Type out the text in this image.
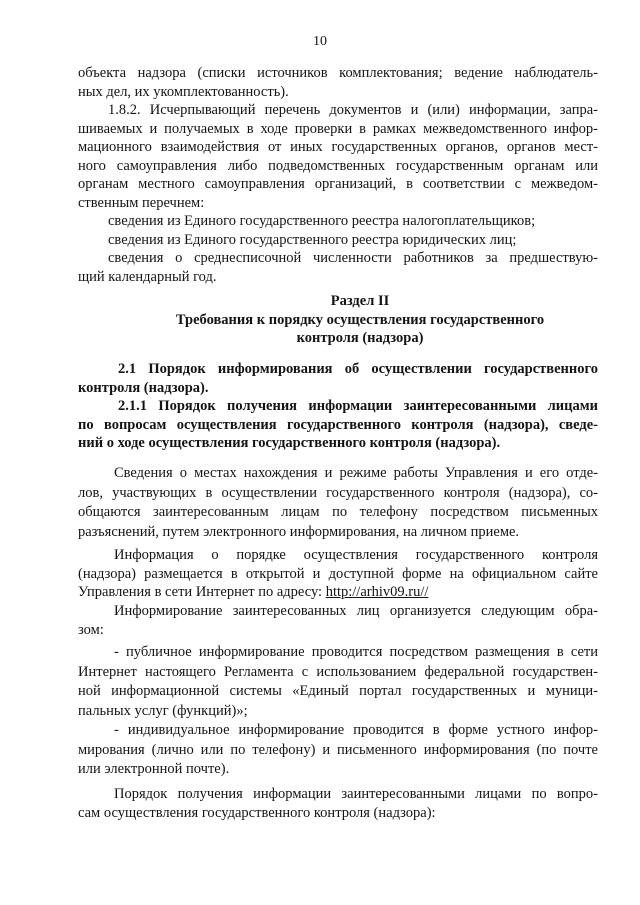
10
объекта надзора (списки источников комплектования; ведение наблюдатель-
ных дел, их укомплектованность).
1.8.2. Исчерпывающий перечень документов и (или) информации, запра-
шиваемых и получаемых в ходе проверки в рамках межведомственного инфор-
мационного взаимодействия от иных государственных органов, органов мест-
ного самоуправления либо подведомственных государственным органам или
органам местного самоуправления организаций, в соответствии с межведом-
ственным перечнем:
сведения из Единого государственного реестра налогоплательщиков;
сведения из Единого государственного реестра юридических лиц;
сведения о среднесписочной численности работников за предшествую-
щий календарный год.
Раздел II
Требования к порядку осуществления государственного
контроля (надзора)
2.1 Порядок информирования об осуществлении государственного
контроля (надзора).
2.1.1 Порядок получения информации заинтересованными лицами
по вопросам осуществления государственного контроля (надзора), сведе-
ний о ходе осуществления государственного контроля (надзора).
Сведения о местах нахождения и режиме работы Управления и его отде-
лов, участвующих в осуществлении государственного контроля (надзора), со-
общаются заинтересованным лицам по телефону посредством письменных
разъяснений, путем электронного информирования, на личном приеме.
Информация о порядке осуществления государственного контроля
(надзора) размещается в открытой и доступной форме на официальном сайте
Управления в сети Интернет по адресу: http://arhiv09.ru//
Информирование заинтересованных лиц организуется следующим обра-
зом:
- публичное информирование проводится посредством размещения в сети
Интернет настоящего Регламента с использованием федеральной государствен-
ной информационной системы «Единый портал государственных и муници-
пальных услуг (функций)»;
- индивидуальное информирование проводится в форме устного инфор-
мирования (лично или по телефону) и письменного информирования (по почте
или электронной почте).
Порядок получения информации заинтересованными лицами по вопро-
сам осуществления государственного контроля (надзора):
